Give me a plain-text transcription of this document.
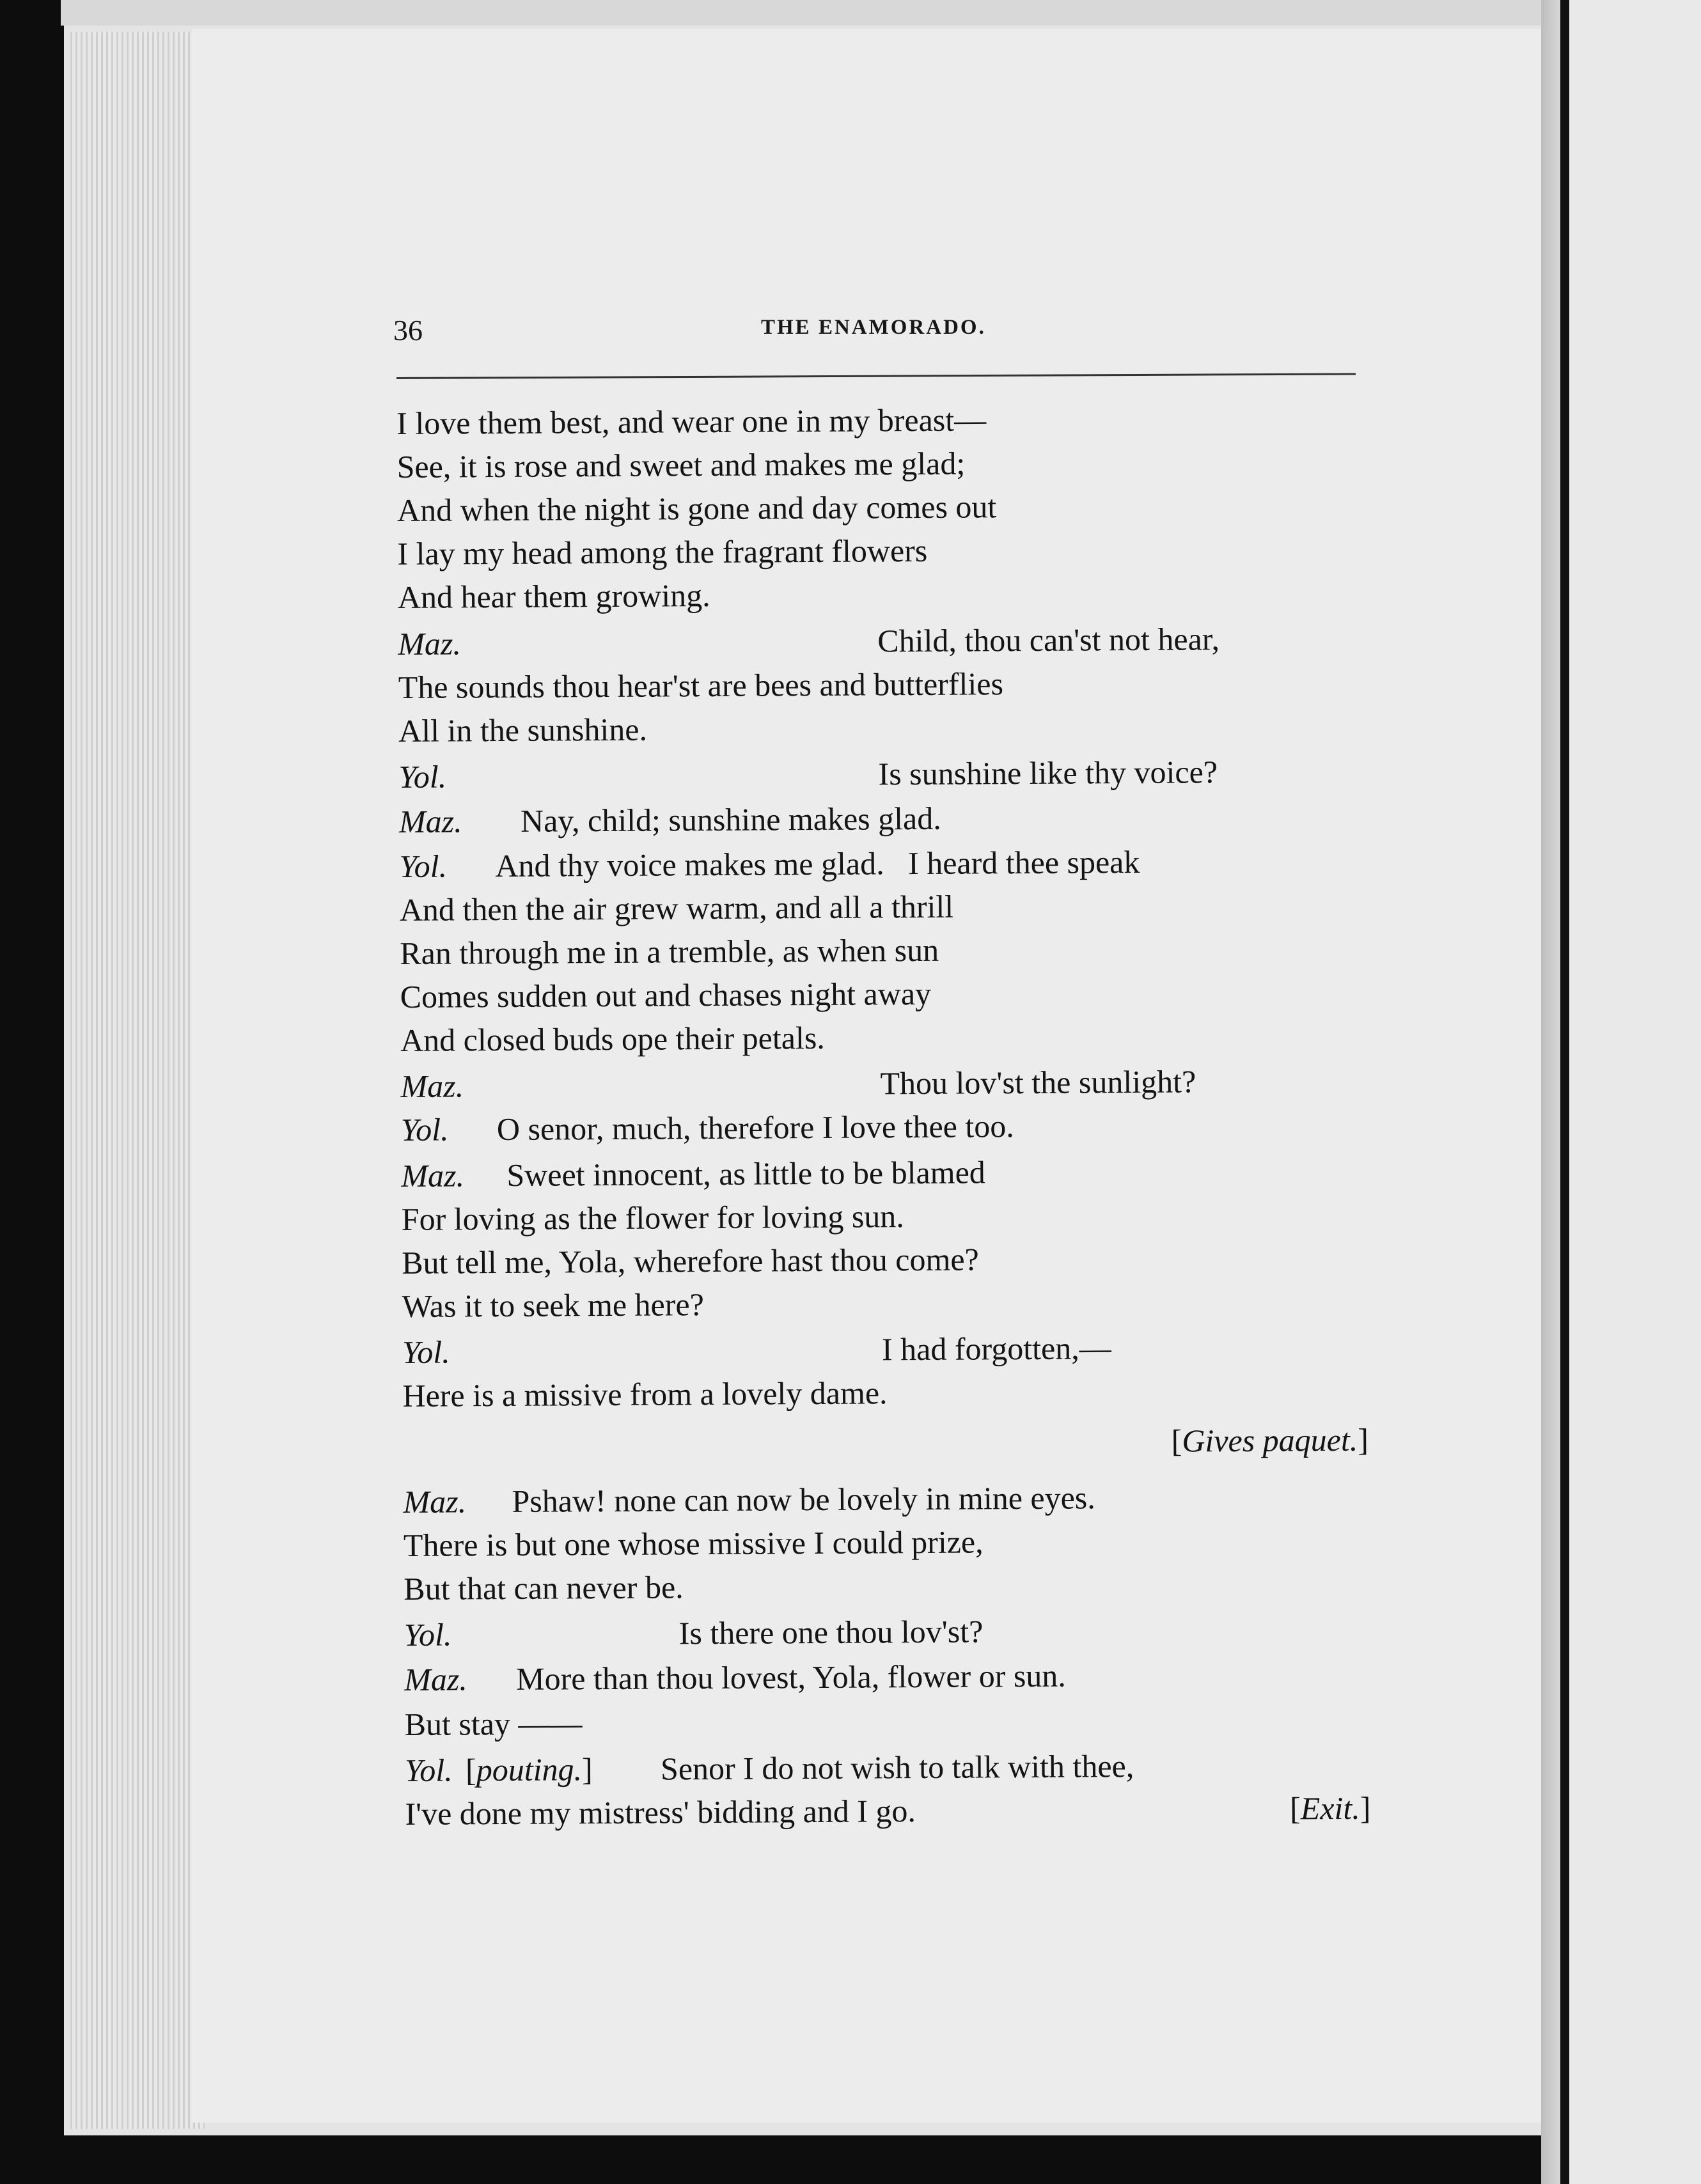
36	THE ENAMORADO.
I love them best, and wear one in my breast—
See, it is rose and sweet and makes me glad;
And when the night is gone and day comes out
I lay my head among the fragrant flowers
And hear them growing.
Maz.	Child, thou can'st not hear,
The sounds thou hear'st are bees and butterflies
All in the sunshine.
Yol.	Is sunshine like thy voice?
Maz. Nay, child; sunshine makes glad.
Yol. And thy voice makes me glad.   I heard thee speak
And then the air grew warm, and all a thrill
Ran through me in a tremble, as when sun
Comes sudden out and chases night away
And closed buds ope their petals.
Maz.	Thou lov'st the sunlight?
Yol. O senor, much, therefore I love thee too.
Maz. Sweet innocent, as little to be blamed
For loving as the flower for loving sun.
But tell me, Yola, wherefore hast thou come?
Was it to seek me here?
Yol.	I had forgotten,—
Here is a missive from a lovely dame.
[Gives paquet.]
Maz. Pshaw! none can now be lovely in mine eyes.
There is but one whose missive I could prize,
But that can never be.
Yol.	Is there one thou lov'st?
Maz. More than thou lovest, Yola, flower or sun.
But stay ——
Yol. [pouting.] Senor I do not wish to talk with thee,
I've done my mistress' bidding and I go.	[Exit.]
